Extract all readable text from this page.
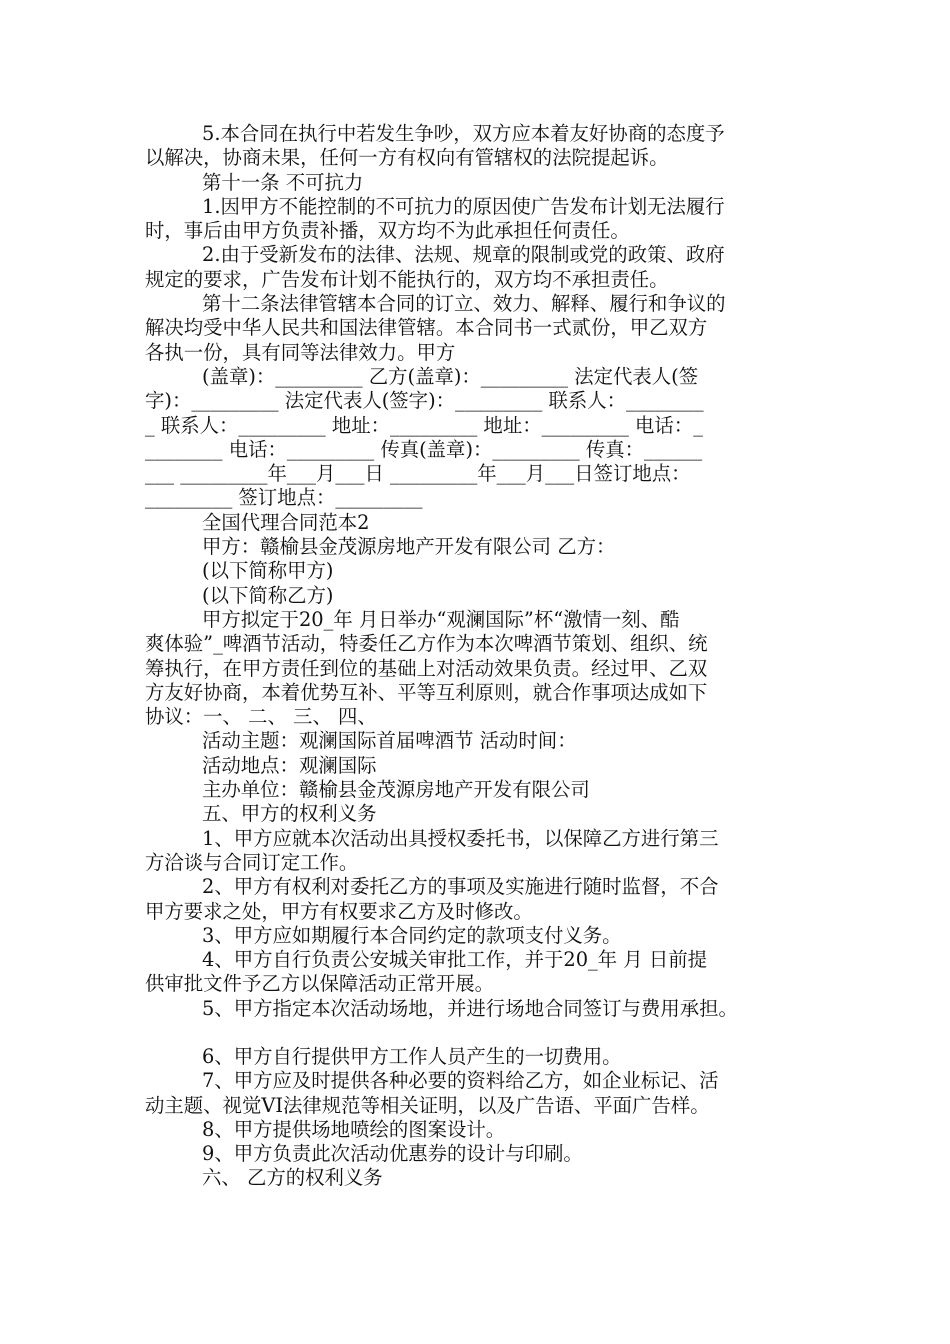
5.本合同在执行中若发生争吵，双方应本着友好协商的态度予
以解决，协商未果，任何一方有权向有管辖权的法院提起诉。
第十一条 不可抗力
1.因甲方不能控制的不可抗力的原因使广告发布计划无法履行
时，事后由甲方负责补播，双方均不为此承担任何责任。
2.由于受新发布的法律、法规、规章的限制或党的政策、政府
规定的要求，广告发布计划不能执行的，双方均不承担责任。
第十二条法律管辖本合同的订立、效力、解释、履行和争议的
解决均受中华人民共和国法律管辖。本合同书一式贰份，甲乙双方
各执一份，具有同等法律效力。甲方
(盖章)：_________ 乙方(盖章)：_________ 法定代表人(签
字)：_________ 法定代表人(签字)：_________ 联系人：________
_ 联系人：_________ 地址：_________ 地址：_________ 电话：_
________ 电话：_________ 传真(盖章)：_________ 传真：______
___ _________年___月___日 _________年___月___日签订地点：
_________ 签订地点：_________
全国代理合同范本2
甲方：赣榆县金茂源房地产开发有限公司 乙方：
(以下简称甲方)
(以下简称乙方)
甲方拟定于20_年 月日举办“观澜国际”杯“激情一刻、酷
爽体验”_啤酒节活动，特委任乙方作为本次啤酒节策划、组织、统
筹执行，在甲方责任到位的基础上对活动效果负责。经过甲、乙双
方友好协商，本着优势互补、平等互利原则，就合作事项达成如下
协议：一、 二、 三、 四、
活动主题：观澜国际首届啤酒节 活动时间：
活动地点：观澜国际
主办单位：赣榆县金茂源房地产开发有限公司
五、甲方的权利义务
1、甲方应就本次活动出具授权委托书，以保障乙方进行第三
方洽谈与合同订定工作。
2、甲方有权利对委托乙方的事项及实施进行随时监督，不合
甲方要求之处，甲方有权要求乙方及时修改。
3、甲方应如期履行本合同约定的款项支付义务。
4、甲方自行负责公安城关审批工作，并于20_年 月 日前提
供审批文件予乙方以保障活动正常开展。
5、甲方指定本次活动场地，并进行场地合同签订与费用承担。
6、甲方自行提供甲方工作人员产生的一切费用。
7、甲方应及时提供各种必要的资料给乙方，如企业标记、活
动主题、视觉VI法律规范等相关证明，以及广告语、平面广告样。
8、甲方提供场地喷绘的图案设计。
9、甲方负责此次活动优惠券的设计与印刷。
六、 乙方的权利义务
